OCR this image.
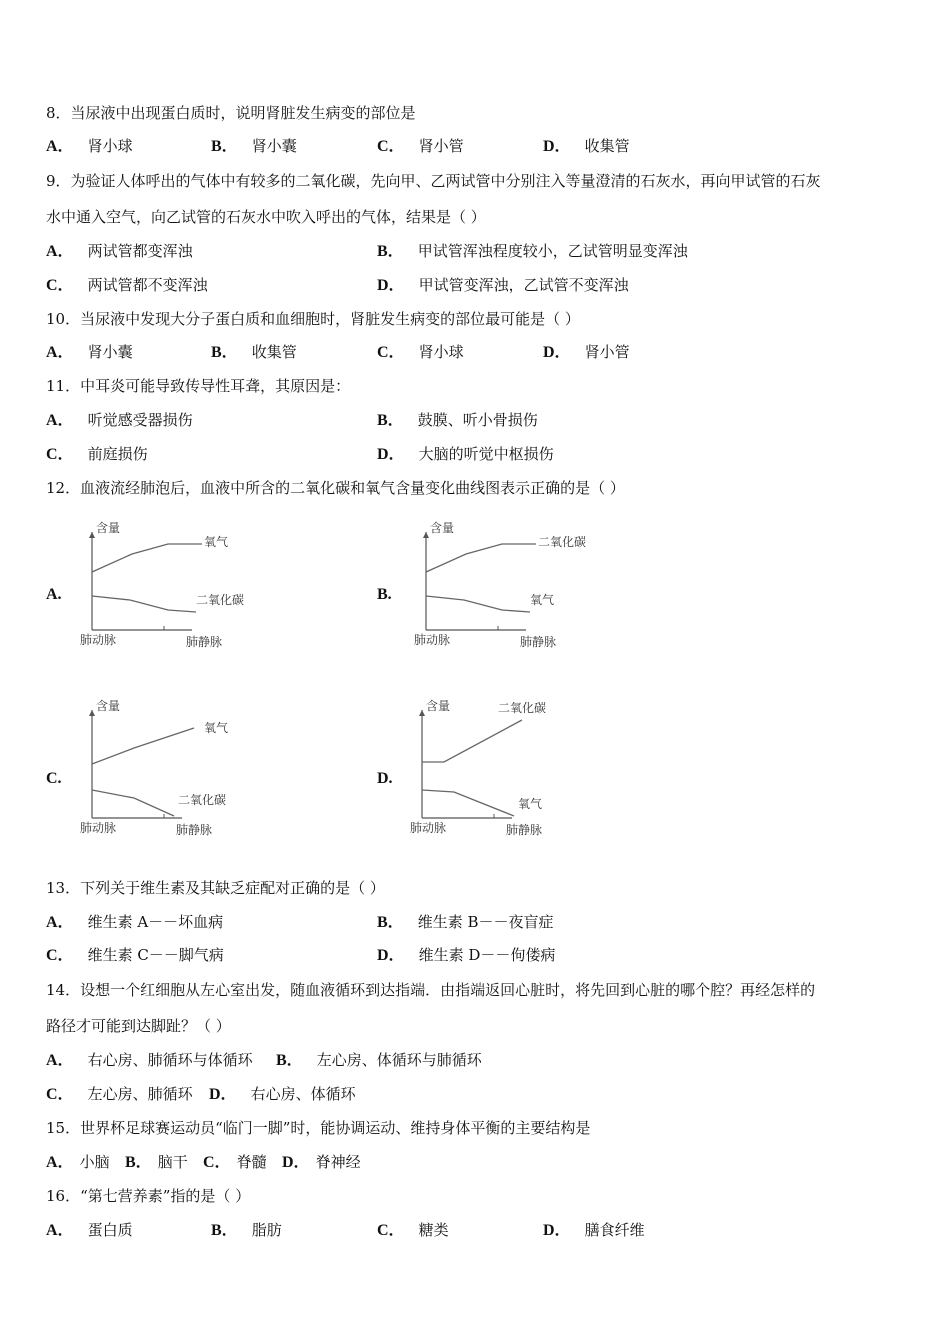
8．当尿液中出现蛋白质时，说明肾脏发生病变的部位是
A． 肾小球	B． 肾小囊	C． 肾小管	D． 收集管
9．为验证人体呼出的气体中有较多的二氧化碳，先向甲、乙两试管中分别注入等量澄清的石灰水，再向甲试管的石灰
水中通入空气，向乙试管的石灰水中吹入呼出的气体，结果是（ ）
A． 两试管都变浑浊	B． 甲试管浑浊程度较小，乙试管明显变浑浊
C． 两试管都不变浑浊	D． 甲试管变浑浊，乙试管不变浑浊
10．当尿液中发现大分子蛋白质和血细胞时，肾脏发生病变的部位最可能是（ ）
A． 肾小囊	B． 收集管	C． 肾小球	D． 肾小管
11．中耳炎可能导致传导性耳聋，其原因是：
A． 听觉感受器损伤	B． 鼓膜、听小骨损伤
C． 前庭损伤	D． 大脑的听觉中枢损伤
12．血液流经肺泡后，血液中所含的二氧化碳和氧气含量变化曲线图表示正确的是（ ）
A.
含量
肺动脉	肺静脉
氧气
二氧化碳	B.
含量
肺动脉	肺静脉
二氧化碳
氧气
C.
含量
肺动脉	肺静脉
氧气
二氧化碳
D.
含量
肺动脉	肺静脉
二氧化碳
氧气
13．下列关于维生素及其缺乏症配对正确的是（ ）
A． 维生素 A－－坏血病	B． 维生素 B－－夜盲症
C． 维生素 C－－脚气病	D． 维生素 D－－佝偻病
14．设想一个红细胞从左心室出发，随血液循环到达指端．由指端返回心脏时，将先回到心脏的哪个腔？再经怎样的
路径才可能到达脚趾？（ ）
A． 右心房、肺循环与体循环 B． 左心房、体循环与肺循环
C． 左心房、肺循环 D． 右心房、体循环
15．世界杯足球赛运动员“临门一脚”时，能协调运动、维持身体平衡的主要结构是
A． 小脑 B． 脑干 C． 脊髓 D． 脊神经
16．“第七营养素”指的是（ ）
A． 蛋白质	B． 脂肪	C． 糖类	D． 膳食纤维
